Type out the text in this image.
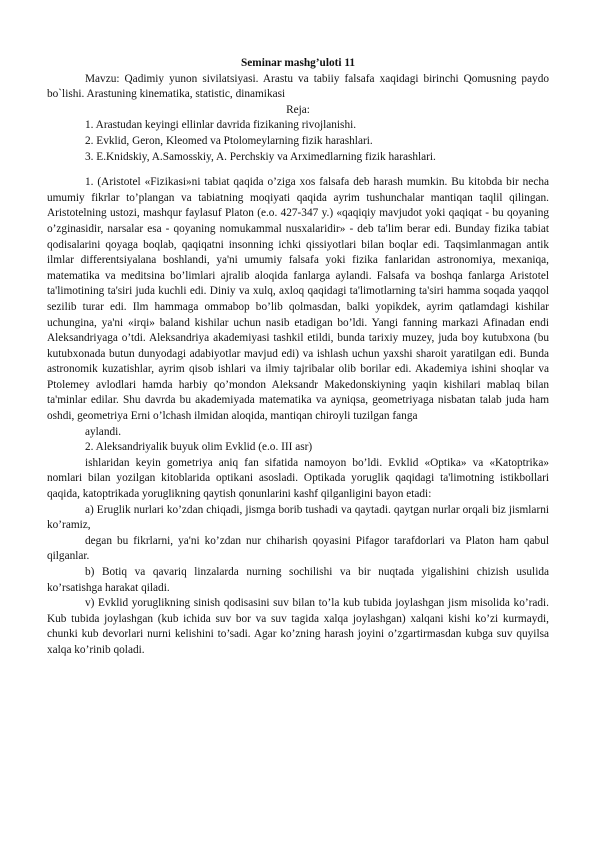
Seminar mashg’uloti 11

Mavzu: Qadimiy yunon sivilatsiyasi. Arastu va tabiiy falsafa xaqidagi birinchi Qomusning paydo bo`lishi. Arastuning kinematika, statistic, dinamikasi

Reja:

1. Arastudan keyingi ellinlar davrida fizikaning rivojlanishi.

2. Evklid, Geron, Kleomed va Ptolomeylarning fizik harashlari.

3. E.Knidskiy, A.Samosskiy, A. Perchskiy va Arximedlarning fizik harashlari.

1. (Aristotel «Fizikasi»ni tabiat qaqida o’ziga xos falsafa deb harash mumkin. Bu kitobda bir necha umumiy fikrlar to’plangan va tabiatning moqiyati qaqida ayrim tushunchalar mantiqan taqlil qilingan. Aristotelning ustozi, mashqur faylasuf Platon (e.o. 427-347 y.) «qaqiqiy mavjudot yoki qaqiqat - bu qoyaning o’zginasidir, narsalar esa - qoyaning nomukammal nusxalaridir» - deb ta'lim berar edi. Bunday fizika tabiat qodisalarini qoyaga boqlab, qaqiqatni insonning ichki qissiyotlari bilan boqlar edi. Taqsimlanmagan antik ilmlar differentsiyalana boshlandi, ya'ni umumiy falsafa yoki fizika fanlaridan astronomiya, mexaniqa, matematika va meditsina bo’limlari ajralib aloqida fanlarga aylandi. Falsafa va boshqa fanlarga Aristotel ta'limotining ta'siri juda kuchli edi. Diniy va xulq, axloq qaqidagi ta'limotlarning ta'siri hamma soqada yaqqol sezilib turar edi. Ilm hammaga ommabop bo’lib qolmasdan, balki yopikdek, ayrim qatlamdagi kishilar uchungina, ya'ni «irqi» baland kishilar uchun nasib etadigan bo’ldi. Yangi fanning markazi Afinadan endi Aleksandriyaga o’tdi. Aleksandriya akademiyasi tashkil etildi, bunda tarixiy muzey, juda boy kutubxona (bu kutubxonada butun dunyodagi adabiyotlar mavjud edi) va ishlash uchun yaxshi sharoit yaratilgan edi. Bunda astronomik kuzatishlar, ayrim qisob ishlari va ilmiy tajribalar olib borilar edi. Akademiya ishini shoqlar va Ptolemey avlodlari hamda harbiy qo’mondon Aleksandr Makedonskiyning yaqin kishilari mablaq bilan ta'minlar edilar. Shu davrda bu akademiyada matematika va ayniqsa, geometriyaga nisbatan talab juda ham oshdi, geometriya Erni o’lchash ilmidan aloqida, mantiqan chiroyli tuzilgan fanga

aylandi.

2. Aleksandriyalik buyuk olim Evklid (e.o. III asr)

ishlaridan keyin gometriya aniq fan sifatida namoyon bo’ldi. Evklid «Optika» va «Katoptrika» nomlari bilan yozilgan kitoblarida optikani asosladi. Optikada yoruglik qaqidagi ta'limotning istikbollari qaqida, katoptrikada yoruglikning qaytish qonunlarini kashf qilganligini bayon etadi:

a) Eruglik nurlari ko’zdan chiqadi, jismga borib tushadi va qaytadi. qaytgan nurlar orqali biz jismlarni ko’ramiz,

degan bu fikrlarni, ya'ni ko’zdan nur chiharish qoyasini Pifagor tarafdorlari va Platon ham qabul qilganlar.

b) Botiq va qavariq linzalarda nurning sochilishi va bir nuqtada yigalishini chizish usulida ko’rsatishga harakat qiladi.

v) Evklid yoruglikning sinish qodisasini suv bilan to’la kub tubida joylashgan jism misolida ko’radi. Kub tubida joylashgan (kub ichida suv bor va suv tagida xalqa joylashgan) xalqani kishi ko’zi kurmaydi, chunki kub devorlari nurni kelishini to’sadi. Agar ko’zning harash joyini o’zgartirmasdan kubga suv quyilsa xalqa ko’rinib qoladi.
